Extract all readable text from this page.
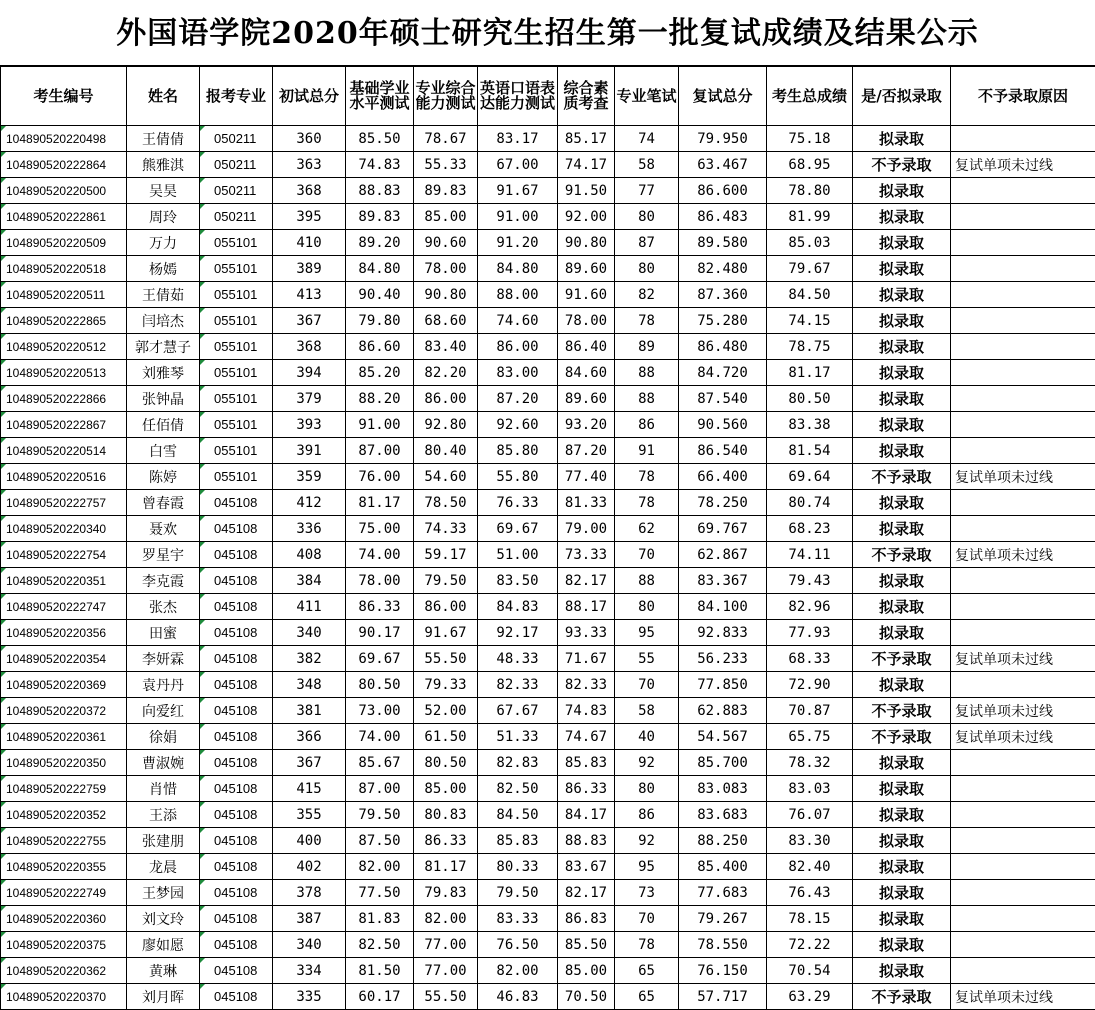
外国语学院2020年硕士研究生招生第一批复试成绩及结果公示
考生编号	姓名	报考专业	初试总分	基础学业水平测试	专业综合能力测试	英语口语表达能力测试	综合素质考查	专业笔试	复试总分	考生总成绩	是/否拟录取	不予录取原因
104890520220498	王倩倩	050211	360	85.50	78.67	83.17	85.17	74	79.950	75.18	拟录取	
104890520222864	熊雅淇	050211	363	74.83	55.33	67.00	74.17	58	63.467	68.95	不予录取	复试单项未过线
104890520220500	吴昊	050211	368	88.83	89.83	91.67	91.50	77	86.600	78.80	拟录取	
104890520222861	周玲	050211	395	89.83	85.00	91.00	92.00	80	86.483	81.99	拟录取	
104890520220509	万力	055101	410	89.20	90.60	91.20	90.80	87	89.580	85.03	拟录取	
104890520220518	杨嫣	055101	389	84.80	78.00	84.80	89.60	80	82.480	79.67	拟录取	
104890520220511	王倩茹	055101	413	90.40	90.80	88.00	91.60	82	87.360	84.50	拟录取	
104890520222865	闫培杰	055101	367	79.80	68.60	74.60	78.00	78	75.280	74.15	拟录取	
104890520220512	郭才慧子	055101	368	86.60	83.40	86.00	86.40	89	86.480	78.75	拟录取	
104890520220513	刘雅琴	055101	394	85.20	82.20	83.00	84.60	88	84.720	81.17	拟录取	
104890520222866	张钟晶	055101	379	88.20	86.00	87.20	89.60	88	87.540	80.50	拟录取	
104890520222867	任佰倩	055101	393	91.00	92.80	92.60	93.20	86	90.560	83.38	拟录取	
104890520220514	白雪	055101	391	87.00	80.40	85.80	87.20	91	86.540	81.54	拟录取	
104890520220516	陈婷	055101	359	76.00	54.60	55.80	77.40	78	66.400	69.64	不予录取	复试单项未过线
104890520222757	曾春霞	045108	412	81.17	78.50	76.33	81.33	78	78.250	80.74	拟录取	
104890520220340	聂欢	045108	336	75.00	74.33	69.67	79.00	62	69.767	68.23	拟录取	
104890520222754	罗星宇	045108	408	74.00	59.17	51.00	73.33	70	62.867	74.11	不予录取	复试单项未过线
104890520220351	李克霞	045108	384	78.00	79.50	83.50	82.17	88	83.367	79.43	拟录取	
104890520222747	张杰	045108	411	86.33	86.00	84.83	88.17	80	84.100	82.96	拟录取	
104890520220356	田蜜	045108	340	90.17	91.67	92.17	93.33	95	92.833	77.93	拟录取	
104890520220354	李妍霖	045108	382	69.67	55.50	48.33	71.67	55	56.233	68.33	不予录取	复试单项未过线
104890520220369	袁丹丹	045108	348	80.50	79.33	82.33	82.33	70	77.850	72.90	拟录取	
104890520220372	向爱红	045108	381	73.00	52.00	67.67	74.83	58	62.883	70.87	不予录取	复试单项未过线
104890520220361	徐娟	045108	366	74.00	61.50	51.33	74.67	40	54.567	65.75	不予录取	复试单项未过线
104890520220350	曹淑婉	045108	367	85.67	80.50	82.83	85.83	92	85.700	78.32	拟录取	
104890520222759	肖惜	045108	415	87.00	85.00	82.50	86.33	80	83.083	83.03	拟录取	
104890520220352	王添	045108	355	79.50	80.83	84.50	84.17	86	83.683	76.07	拟录取	
104890520222755	张建朋	045108	400	87.50	86.33	85.83	88.83	92	88.250	83.30	拟录取	
104890520220355	龙晨	045108	402	82.00	81.17	80.33	83.67	95	85.400	82.40	拟录取	
104890520222749	王梦园	045108	378	77.50	79.83	79.50	82.17	73	77.683	76.43	拟录取	
104890520220360	刘文玲	045108	387	81.83	82.00	83.33	86.83	70	79.267	78.15	拟录取	
104890520220375	廖如愿	045108	340	82.50	77.00	76.50	85.50	78	78.550	72.22	拟录取	
104890520220362	黄琳	045108	334	81.50	77.00	82.00	85.00	65	76.150	70.54	拟录取	
104890520220370	刘月晖	045108	335	60.17	55.50	46.83	70.50	65	57.717	63.29	不予录取	复试单项未过线
